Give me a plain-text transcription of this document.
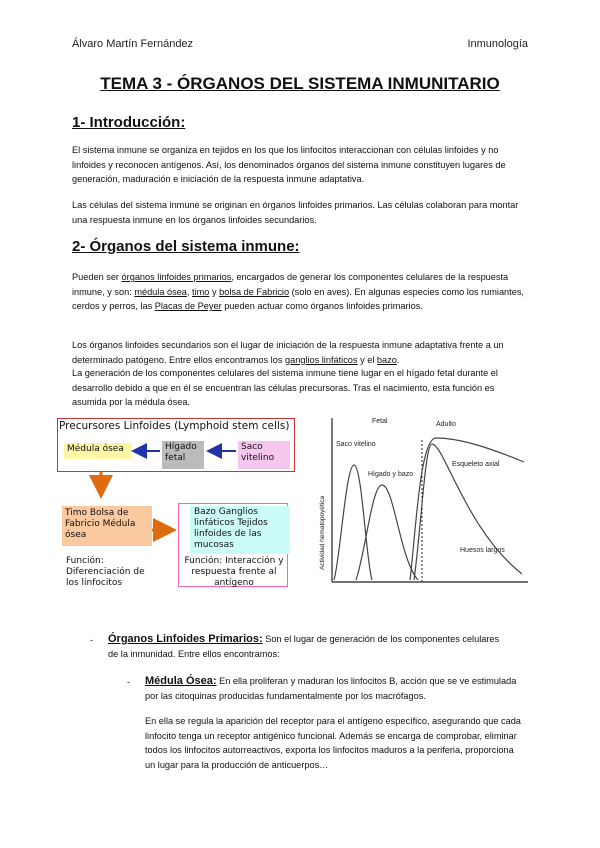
Álvaro Martín Fernández	Inmunología
TEMA 3 - ÓRGANOS DEL SISTEMA INMUNITARIO
1- Introducción:
El sistema inmune se organiza en tejidos en los que los linfocitos interaccionan con células linfoides y no linfoides y reconocen antígenos. Así, los denominados órganos del sistema inmune constituyen lugares de generación, maduración e iniciación de la respuesta inmune adaptativa.
Las células del sistema inmune se originan en órganos linfoides primarios. Las células colaboran para montar una respuesta inmune en los órganos linfoides secundarios.
2- Órganos del sistema inmune:
Pueden ser órganos linfoides primarios, encargados de generar los componentes celulares de la respuesta inmune, y son: médula ósea, timo y bolsa de Fabricio (solo en aves). En algunas especies como los rumiantes, cerdos y perros, las Placas de Peyer pueden actuar como órganos linfoides primarios.
Los órganos linfoides secundarios son el lugar de iniciación de la respuesta inmune adaptativa frente a un determinado patógeno. Entre ellos encontramos los ganglios linfáticos y el bazo.
La generación de los componentes celulares del sistema inmune tiene lugar en el hígado fetal durante el desarrollo debido a que en él se encuentran las células precursoras. Tras el nacimiento, esta función es asumida por la médula ósea.
Precursores Linfoides (Lymphoid stem cells)
Médula ósea	Hígado fetal
Saco vitelino
Timo Bolsa de Fabricio Médula ósea
Función: Diferenciación de los linfocitos
Bazo Ganglios linfáticos Tejidos linfoides de las mucosas
Función: Interacción y respuesta frente al antígeno
Fetal	Adulto
Saco vitelino
Hígado y bazo
Esqueleto axial
Huesos largos
Actividad hematopoyética
- Órganos Linfoides Primarios: Son el lugar de generación de los componentes celulares de la inmunidad. Entre ellos encontramos:
- Médula Ósea: En ella proliferan y maduran los linfocitos B, acción que se ve estimulada por las citoquinas producidas fundamentalmente por los macrófagos.
En ella se regula la aparición del receptor para el antígeno específico, asegurando que cada linfocito tenga un receptor antigénico funcional. Además se encarga de comprobar, eliminar todos los linfocitos autorreactivos, exporta los linfocitos maduros a la periferia, proporciona un lugar para la producción de anticuerpos…
